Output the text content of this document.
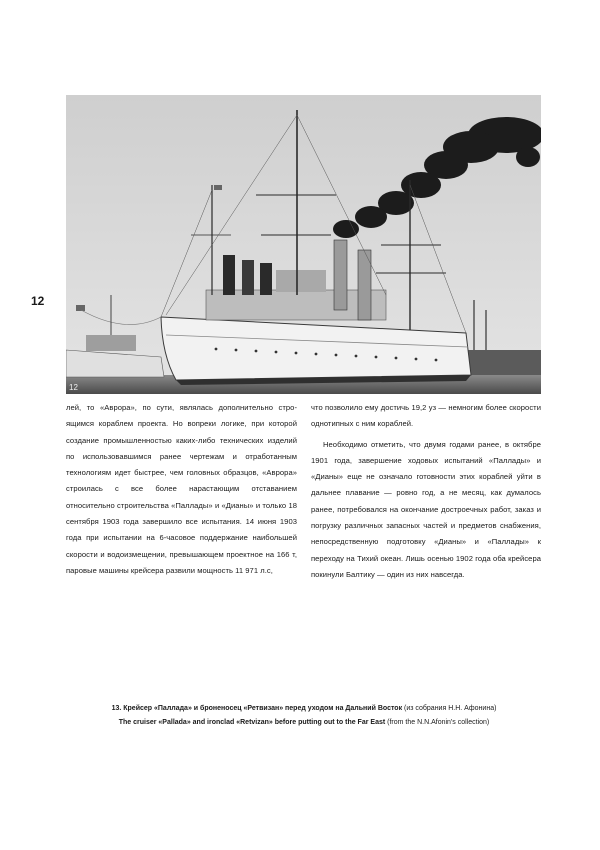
12
12

лей, то «Аврора», по сути, являлась дополнительно строящимся кораблем проекта. Но вопреки логике, при которой создание промышленностью каких-либо технических изделий по использовавшимся ранее чертежам и отработанным технологиям идет быстрее, чем головных образцов, «Аврора» строилась с все более нарастающим отставанием относительно строительства «Паллады» и «Дианы» и только 18 сентября 1903 года завершило все испытания. 14 июня 1903 года при испытании на 6-часовое поддержание наибольшей скорости и водоизмещении, превышающем проектное на 166 т, паровые машины крейсера развили мощность 11 971 л.с,

что позволило ему достичь 19,2 уз — немногим более скорости однотипных с ним кораблей.

Необходимо отметить, что двумя годами ранее, в октябре 1901 года, завершение ходовых испытаний «Паллады» и «Дианы» еще не означало готовности этих кораблей уйти в дальнее плавание — ровно год, а не месяц, как думалось ранее, потребовался на окончание достроечных работ, заказ и погрузку различных запасных частей и предметов снабжения, непосредственную подготовку «Дианы» и «Паллады» к переходу на Тихий океан. Лишь осенью 1902 года оба крейсера покинули Балтику — один из них навсегда.

13. Крейсер «Паллада» и броненосец «Ретвизан» перед уходом на Дальний Восток (из собрания Н.Н. Афонина)
The cruiser «Pallada» and ironclad «Retvizan» before putting out to the Far East (from the N.N.Afonin's collection)
